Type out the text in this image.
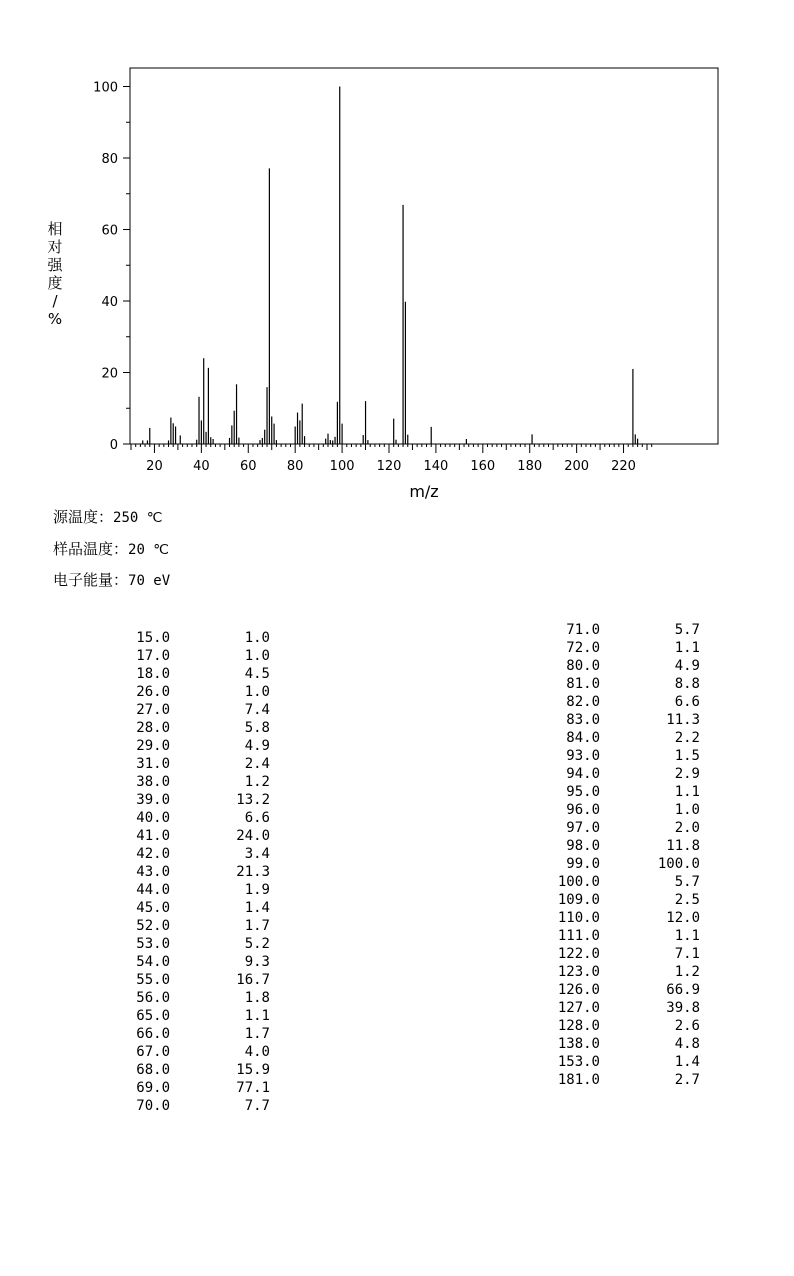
0
20
40
60
80
100
20 40 60 80 100 120 140 160 180 200 220
m/z
相对强度/ %
源温度：250 ℃
样品温度：20 ℃
电子能量：70 eV
15.0	1.0
17.0	1.0
18.0	4.5
26.0	1.0
27.0	7.4
28.0	5.8
29.0	4.9
31.0	2.4
38.0	1.2
39.0	13.2
40.0	6.6
41.0	24.0
42.0	3.4
43.0	21.3
44.0	1.9
45.0	1.4
52.0	1.7
53.0	5.2
54.0	9.3
55.0	16.7
56.0	1.8
65.0	1.1
66.0	1.7
67.0	4.0
68.0	15.9
69.0	77.1
70.0	7.7
71.0	5.7
72.0	1.1
80.0	4.9
81.0	8.8
82.0	6.6
83.0	11.3
84.0	2.2
93.0	1.5
94.0	2.9
95.0	1.1
96.0	1.0
97.0	2.0
98.0	11.8
99.0	100.0
100.0	5.7
109.0	2.5
110.0	12.0
111.0	1.1
122.0	7.1
123.0	1.2
126.0	66.9
127.0	39.8
128.0	2.6
138.0	4.8
153.0	1.4
181.0	2.7
